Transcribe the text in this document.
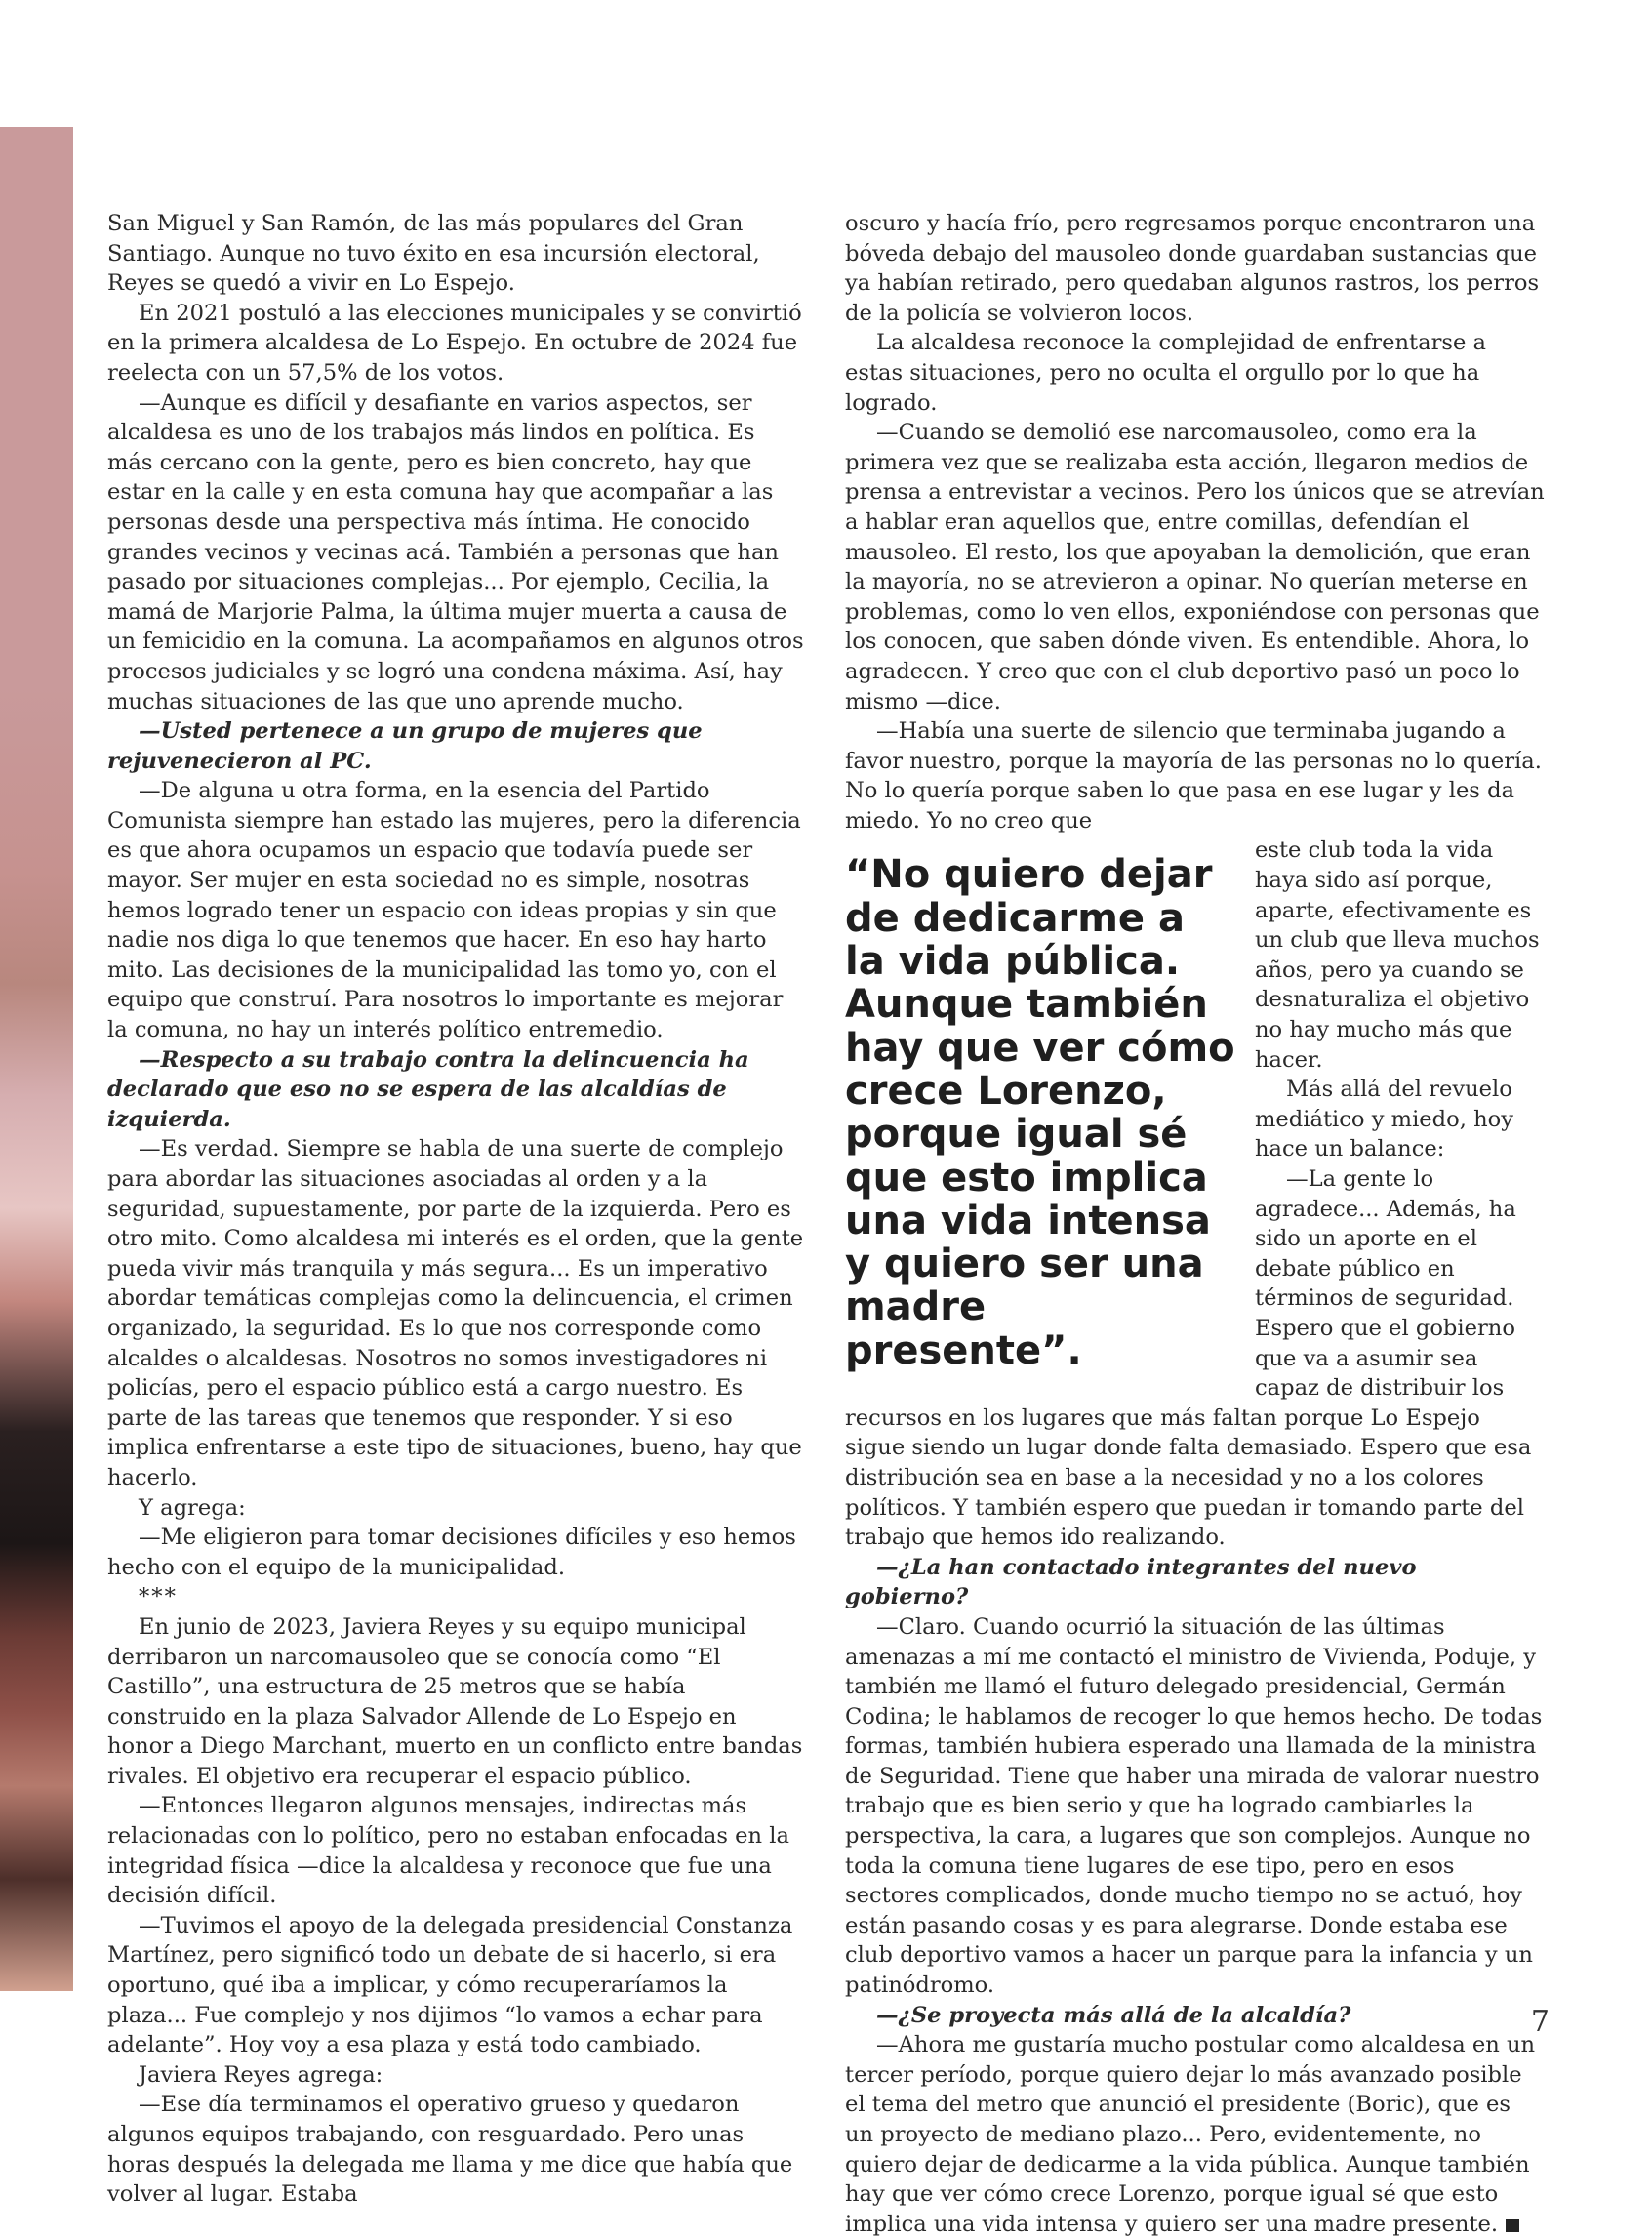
San Miguel y San Ramón, de las más populares del Gran Santiago. Aunque no tuvo éxito en esa incursión electoral, Reyes se quedó a vivir en Lo Espejo.

En 2021 postuló a las elecciones municipales y se convirtió en la primera alcaldesa de Lo Espejo. En octubre de 2024 fue reelecta con un 57,5% de los votos.

—Aunque es difícil y desafiante en varios aspectos, ser alcaldesa es uno de los trabajos más lindos en política. Es más cercano con la gente, pero es bien concreto, hay que estar en la calle y en esta comuna hay que acompañar a las personas desde una perspectiva más íntima. He conocido grandes vecinos y vecinas acá. También a personas que han pasado por situaciones complejas... Por ejemplo, Cecilia, la mamá de Marjorie Palma, la última mujer muerta a causa de un femicidio en la comuna. La acompañamos en algunos otros procesos judiciales y se logró una condena máxima. Así, hay muchas situaciones de las que uno aprende mucho.

—Usted pertenece a un grupo de mujeres que rejuvenecieron al PC.

—De alguna u otra forma, en la esencia del Partido Comunista siempre han estado las mujeres, pero la diferencia es que ahora ocupamos un espacio que todavía puede ser mayor. Ser mujer en esta sociedad no es simple, nosotras hemos logrado tener un espacio con ideas propias y sin que nadie nos diga lo que tenemos que hacer. En eso hay harto mito. Las decisiones de la municipalidad las tomo yo, con el equipo que construí. Para nosotros lo importante es mejorar la comuna, no hay un interés político entremedio.

—Respecto a su trabajo contra la delincuencia ha declarado que eso no se espera de las alcaldías de izquierda.

—Es verdad. Siempre se habla de una suerte de complejo para abordar las situaciones asociadas al orden y a la seguridad, supuestamente, por parte de la izquierda. Pero es otro mito. Como alcaldesa mi interés es el orden, que la gente pueda vivir más tranquila y más segura... Es un imperativo abordar temáticas complejas como la delincuencia, el crimen organizado, la seguridad. Es lo que nos corresponde como alcaldes o alcaldesas. Nosotros no somos investigadores ni policías, pero el espacio público está a cargo nuestro. Es parte de las tareas que tenemos que responder. Y si eso implica enfrentarse a este tipo de situaciones, bueno, hay que hacerlo.

Y agrega:

—Me eligieron para tomar decisiones difíciles y eso hemos hecho con el equipo de la municipalidad.

***

En junio de 2023, Javiera Reyes y su equipo municipal derribaron un narcomausoleo que se conocía como “El Castillo”, una estructura de 25 metros que se había construido en la plaza Salvador Allende de Lo Espejo en honor a Diego Marchant, muerto en un conflicto entre bandas rivales. El objetivo era recuperar el espacio público.

—Entonces llegaron algunos mensajes, indirectas más relacionadas con lo político, pero no estaban enfocadas en la integridad física —dice la alcaldesa y reconoce que fue una decisión difícil.

—Tuvimos el apoyo de la delegada presidencial Constanza Martínez, pero significó todo un debate de si hacerlo, si era oportuno, qué iba a implicar, y cómo recuperaríamos la plaza... Fue complejo y nos dijimos “lo vamos a echar para adelante”. Hoy voy a esa plaza y está todo cambiado.

Javiera Reyes agrega:

—Ese día terminamos el operativo grueso y quedaron algunos equipos trabajando, con resguardado. Pero unas horas después la delegada me llama y me dice que había que volver al lugar. Estaba

oscuro y hacía frío, pero regresamos porque encontraron una bóveda debajo del mausoleo donde guardaban sustancias que ya habían retirado, pero quedaban algunos rastros, los perros de la policía se volvieron locos.

La alcaldesa reconoce la complejidad de enfrentarse a estas situaciones, pero no oculta el orgullo por lo que ha logrado.

—Cuando se demolió ese narcomausoleo, como era la primera vez que se realizaba esta acción, llegaron medios de prensa a entrevistar a vecinos. Pero los únicos que se atrevían a hablar eran aquellos que, entre comillas, defendían el mausoleo. El resto, los que apoyaban la demolición, que eran la mayoría, no se atrevieron a opinar. No querían meterse en problemas, como lo ven ellos, exponiéndose con personas que los conocen, que saben dónde viven. Es entendible. Ahora, lo agradecen. Y creo que con el club deportivo pasó un poco lo mismo —dice.

—Había una suerte de silencio que terminaba jugando a favor nuestro, porque la mayoría de las personas no lo quería. No lo quería porque saben lo que pasa en ese lugar y les da miedo. Yo no creo que

“No quiero dejar de dedicarme a la vida pública. Aunque también hay que ver cómo crece Lorenzo, porque igual sé que esto implica una vida intensa y quiero ser una madre presente”.

este club toda la vida haya sido así porque, aparte, efectivamente es un club que lleva muchos años, pero ya cuando se desnaturaliza el objetivo no hay mucho más que hacer.

Más allá del revuelo mediático y miedo, hoy hace un balance:

—La gente lo agradece... Además, ha sido un aporte en el debate público en términos de seguridad. Espero que el gobierno que va a asumir sea capaz de distribuir los recursos en los lugares que más faltan porque Lo Espejo sigue siendo un lugar donde falta demasiado. Espero que esa distribución sea en base a la necesidad y no a los colores políticos. Y también espero que puedan ir tomando parte del trabajo que hemos ido realizando.

—¿La han contactado integrantes del nuevo gobierno?

—Claro. Cuando ocurrió la situación de las últimas amenazas a mí me contactó el ministro de Vivienda, Poduje, y también me llamó el futuro delegado presidencial, Germán Codina; le hablamos de recoger lo que hemos hecho. De todas formas, también hubiera esperado una llamada de la ministra de Seguridad. Tiene que haber una mirada de valorar nuestro trabajo que es bien serio y que ha logrado cambiarles la perspectiva, la cara, a lugares que son complejos. Aunque no toda la comuna tiene lugares de ese tipo, pero en esos sectores complicados, donde mucho tiempo no se actuó, hoy están pasando cosas y es para alegrarse. Donde estaba ese club deportivo vamos a hacer un parque para la infancia y un patinódromo.

—¿Se proyecta más allá de la alcaldía?

—Ahora me gustaría mucho postular como alcaldesa en un tercer período, porque quiero dejar lo más avanzado posible el tema del metro que anunció el presidente (Boric), que es un proyecto de mediano plazo... Pero, evidentemente, no quiero dejar de dedicarme a la vida pública. Aunque también hay que ver cómo crece Lorenzo, porque igual sé que esto implica una vida intensa y quiero ser una madre presente.

7
